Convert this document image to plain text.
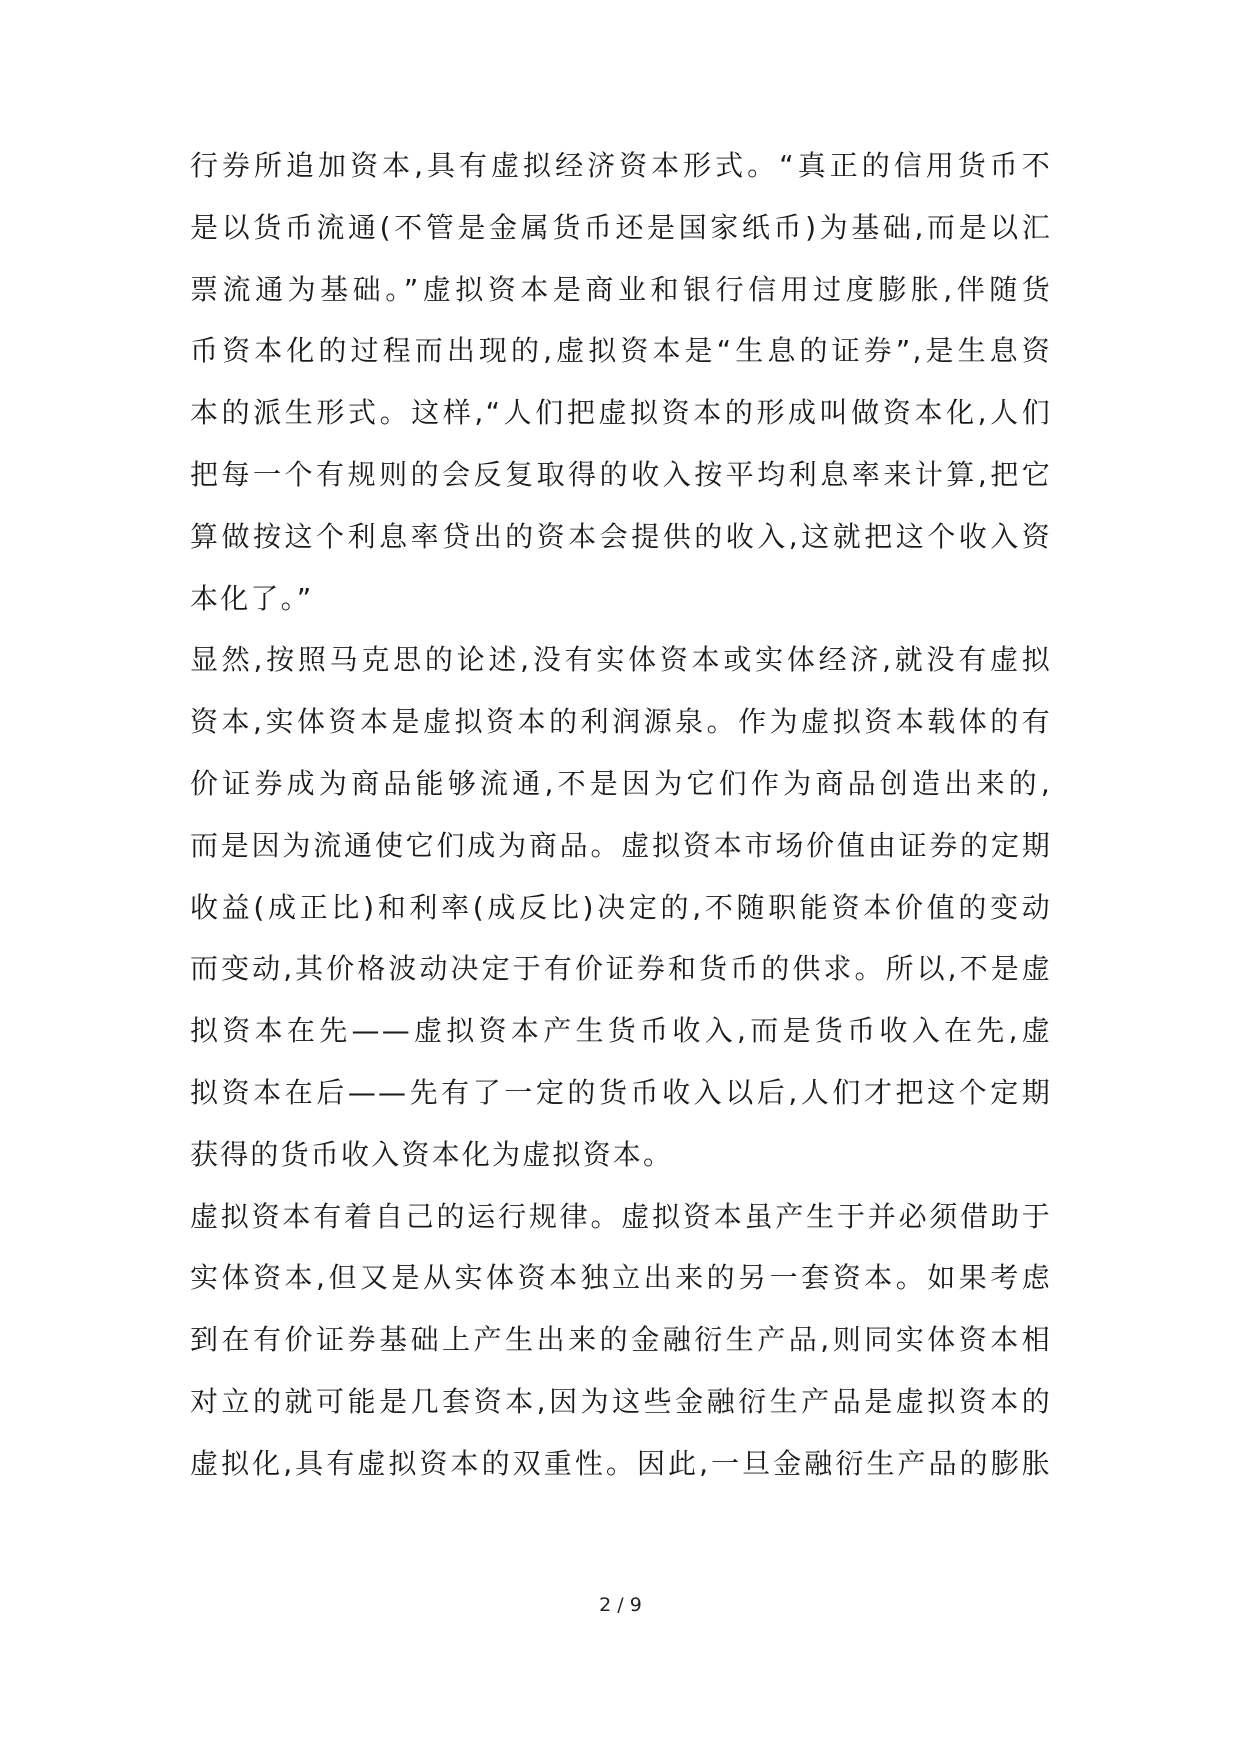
行券所追加资本,具有虚拟经济资本形式。“真正的信用货币不
是以货币流通(不管是金属货币还是国家纸币)为基础,而是以汇
票流通为基础。”虚拟资本是商业和银行信用过度膨胀,伴随货
币资本化的过程而出现的,虚拟资本是“生息的证券”,是生息资
本的派生形式。这样,“人们把虚拟资本的形成叫做资本化,人们
把每一个有规则的会反复取得的收入按平均利息率来计算,把它
算做按这个利息率贷出的资本会提供的收入,这就把这个收入资
本化了。”
显然,按照马克思的论述,没有实体资本或实体经济,就没有虚拟
资本,实体资本是虚拟资本的利润源泉。作为虚拟资本载体的有
价证券成为商品能够流通,不是因为它们作为商品创造出来的,
而是因为流通使它们成为商品。虚拟资本市场价值由证券的定期
收益(成正比)和利率(成反比)决定的,不随职能资本价值的变动
而变动,其价格波动决定于有价证券和货币的供求。所以,不是虚
拟资本在先——虚拟资本产生货币收入,而是货币收入在先,虚
拟资本在后——先有了一定的货币收入以后,人们才把这个定期
获得的货币收入资本化为虚拟资本。
虚拟资本有着自己的运行规律。虚拟资本虽产生于并必须借助于
实体资本,但又是从实体资本独立出来的另一套资本。如果考虑
到在有价证券基础上产生出来的金融衍生产品,则同实体资本相
对立的就可能是几套资本,因为这些金融衍生产品是虚拟资本的
虚拟化,具有虚拟资本的双重性。因此,一旦金融衍生产品的膨胀
2 / 9
